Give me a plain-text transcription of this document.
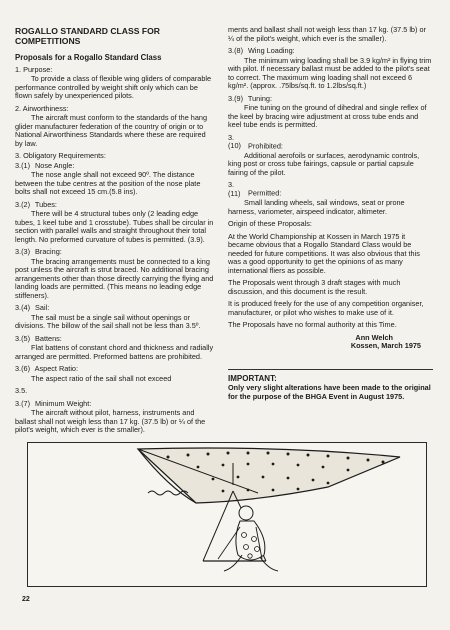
ROGALLO STANDARD CLASS FOR COMPETITIONS

Proposals for a Rogallo Standard Class

1. Purpose:

To provide a class of flexible wing gliders of comparable performance controlled by weight shift only which can be flown safely by unexperienced pilots.

2. Airworthiness:

The aircraft must conform to the standards of the hang glider manufacturer federation of the country of origin or to National Airworthiness Standards where these are required by law.

3. Obligatory Requirements:

3.(1) Nose Angle:

The nose angle shall not exceed 90º. The distance between the tube centres at the position of the nose plate bolts shall not exceed 15 cm.(5.8 ins).

3.(2) Tubes:

There will be 4 structural tubes only (2 leading edge tubes, 1 keel tube and 1 crosstube). Tubes shall be circular in section with parallel walls and straight throughout their total length. No preformed curvature of tubes is permitted. (3.9).

3.(3) Bracing:

The bracing arrangements must be connected to a king post unless the aircraft is strut braced. No additional bracing arrangements other than those directly carrying the flying and landing loads are permitted. (This means no leading edge stiffeners).

3.(4) Sail:

The sail must be a single sail without openings or divisions. The billow of the sail shall not be less than 3.5º.

3.(5) Battens:

Flat battens of constant chord and thickness and radially arranged are permitted. Preformed battens are prohibited.

3.(6) Aspect Ratio:

The aspect ratio of the sail shall not exceed

3.5.

3.(7) Minimum Weight:

The aircraft without pilot, harness, instruments and ballast shall not weigh less than 17 kg. (37.5 lb) or ¼ of the pilot's weight, which ever is the smaller).

ments and ballast shall not weigh less than 17 kg. (37.5 lb) or ¼ of the pilot's weight, which ever is the smaller).

3.(8) Wing Loading:

The minimum wing loading shall be 3.9 kg/m² in flying trim with pilot. If necessary ballast must be added to the pilot's seat to correct. The maximum wing loading shall not exceed 6 kg/m². (approx. .75lbs/sq.ft. to 1.2lbs/sq.ft.)

3.(9) Tuning:

Fine tuning on the ground of dihedral and single reflex of the keel by bracing wire adjustment at cross tube ends and keel tube ends is permitted.

3.(10) Prohibited:

Additional aerofoils or surfaces, aerodynamic controls, king post or cross tube fairings, capsule or partial capsule fairing of the pilot.

3.(11) Permitted:

Small landing wheels, sail windows, seat or prone harness, variometer, airspeed indicator, altimeter.

Origin of these Proposals:

At the World Championship at Kossen in March 1975 it became obvious that a Rogallo Standard Class would be needed for future competitions. It was also obvious that this was a good opportunity to get the opinions of as many international fliers as possible.

The Proposals went through 3 draft stages with much discussion, and this document is the result.

It is produced freely for the use of any competition organiser, manufacturer, or pilot who wishes to make use of it.

The Proposals have no formal authority at this Time.

Ann Welch

Kossen, March 1975

IMPORTANT:
Only very slight alterations have been made to the original for the purpose of the BHGA Event in August 1975.
22
